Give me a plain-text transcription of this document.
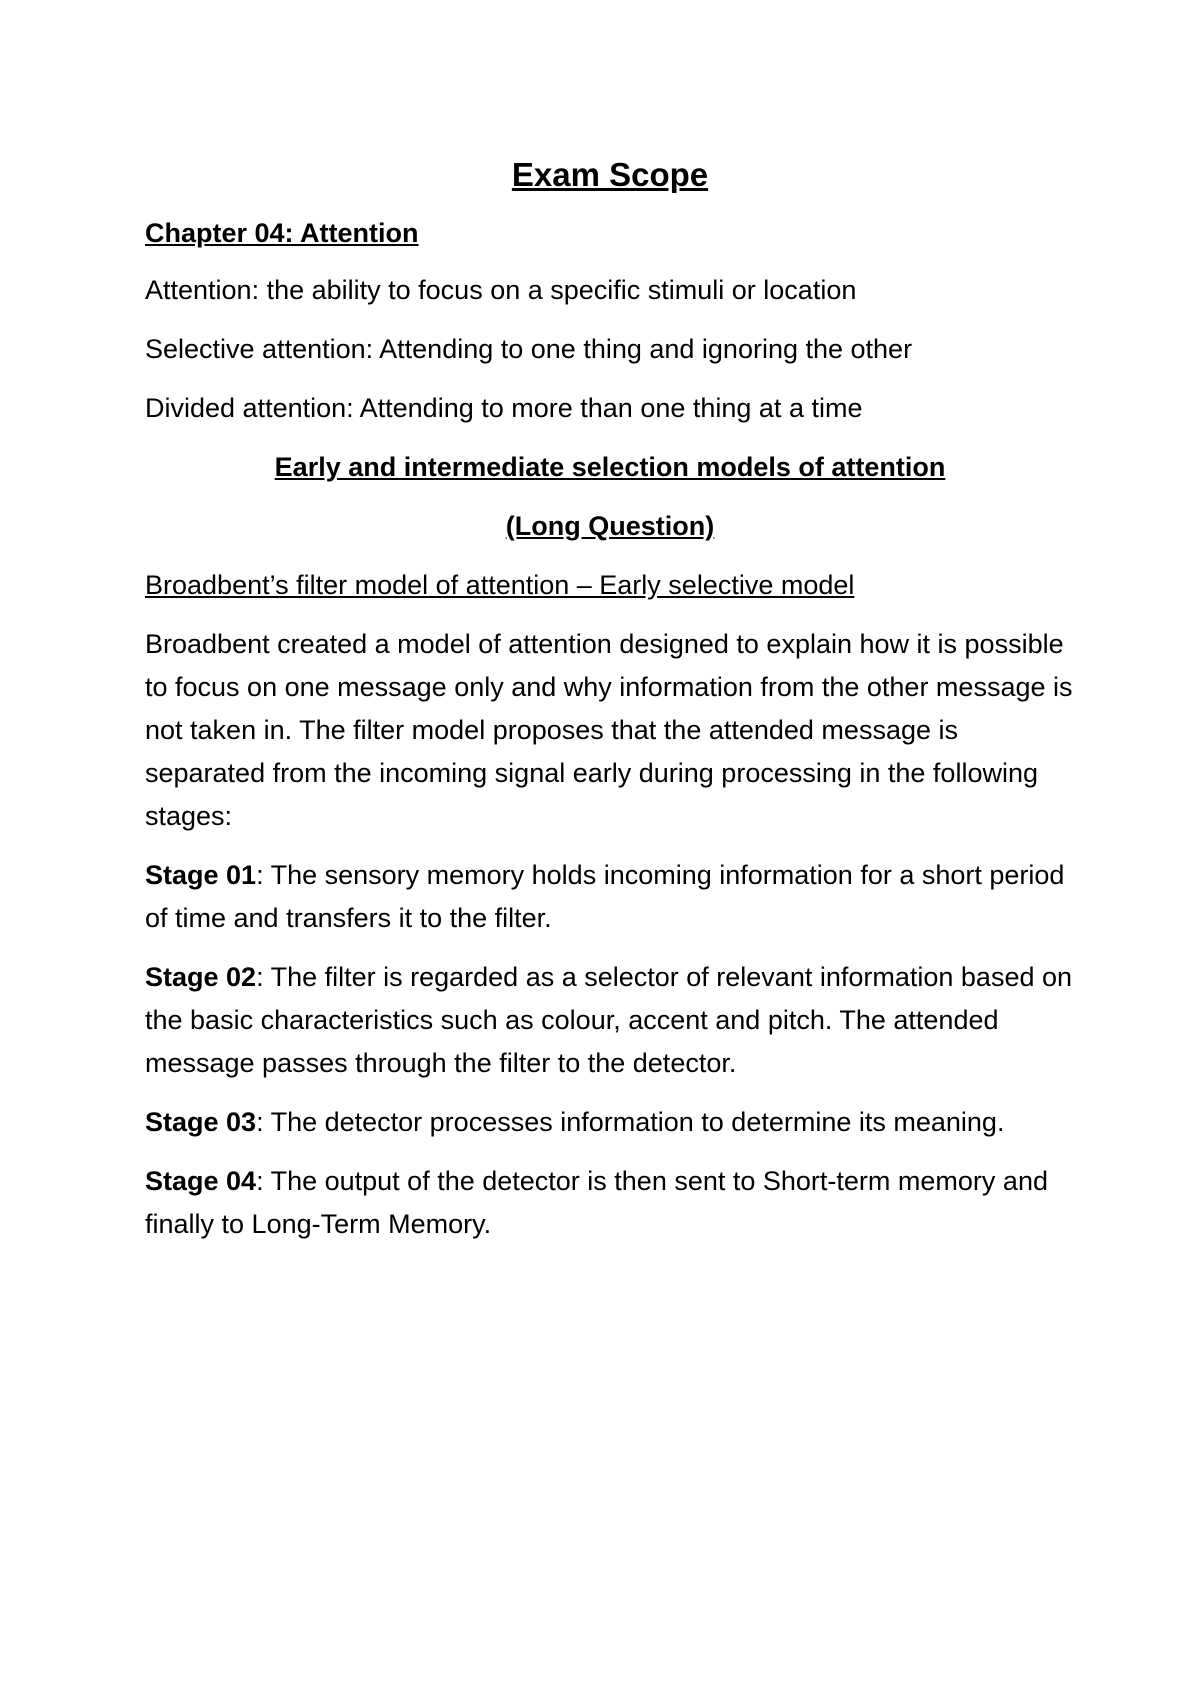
Exam Scope
Chapter 04: Attention

Attention: the ability to focus on a specific stimuli or location

Selective attention: Attending to one thing and ignoring the other

Divided attention: Attending to more than one thing at a time

Early and intermediate selection models of attention
(Long Question)
Broadbent’s filter model of attention – Early selective model

Broadbent created a model of attention designed to explain how it is possible to focus on one message only and why information from the other message is not taken in. The filter model proposes that the attended message is separated from the incoming signal early during processing in the following stages:

Stage 01: The sensory memory holds incoming information for a short period of time and transfers it to the filter.

Stage 02: The filter is regarded as a selector of relevant information based on the basic characteristics such as colour, accent and pitch. The attended message passes through the filter to the detector.

Stage 03: The detector processes information to determine its meaning.

Stage 04: The output of the detector is then sent to Short-term memory and finally to Long-Term Memory.
